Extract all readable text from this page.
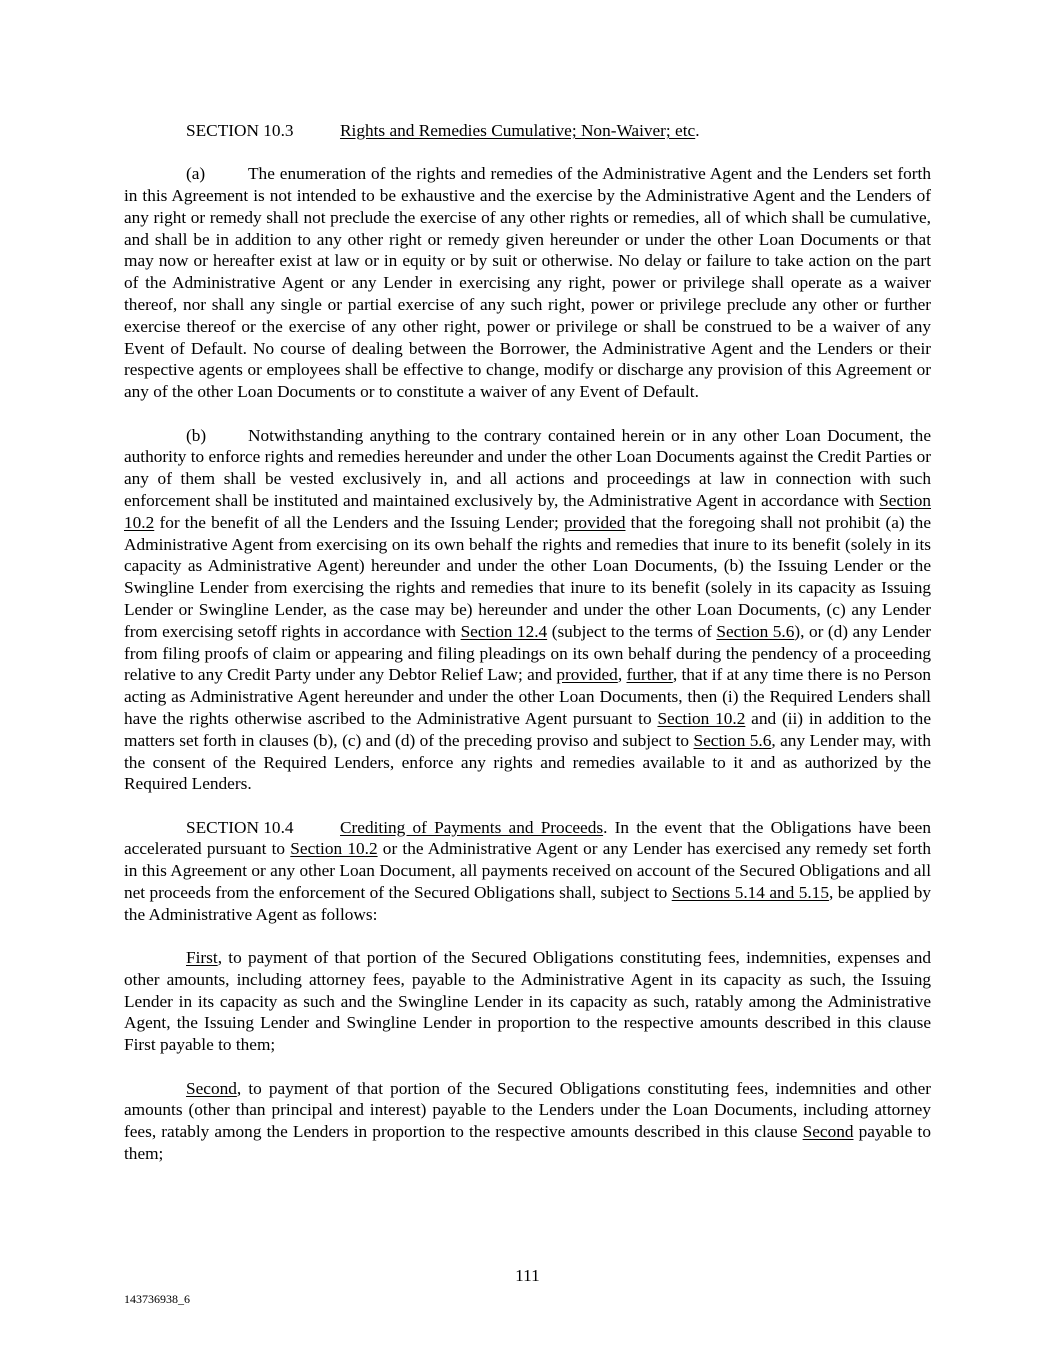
SECTION 10.3	Rights and Remedies Cumulative; Non-Waiver; etc.

(a) The enumeration of the rights and remedies of the Administrative Agent and the Lenders set forth in this Agreement is not intended to be exhaustive and the exercise by the Administrative Agent and the Lenders of any right or remedy shall not preclude the exercise of any other rights or remedies, all of which shall be cumulative, and shall be in addition to any other right or remedy given hereunder or under the other Loan Documents or that may now or hereafter exist at law or in equity or by suit or otherwise. No delay or failure to take action on the part of the Administrative Agent or any Lender in exercising any right, power or privilege shall operate as a waiver thereof, nor shall any single or partial exercise of any such right, power or privilege preclude any other or further exercise thereof or the exercise of any other right, power or privilege or shall be construed to be a waiver of any Event of Default. No course of dealing between the Borrower, the Administrative Agent and the Lenders or their respective agents or employees shall be effective to change, modify or discharge any provision of this Agreement or any of the other Loan Documents or to constitute a waiver of any Event of Default.

(b) Notwithstanding anything to the contrary contained herein or in any other Loan Document, the authority to enforce rights and remedies hereunder and under the other Loan Documents against the Credit Parties or any of them shall be vested exclusively in, and all actions and proceedings at law in connection with such enforcement shall be instituted and maintained exclusively by, the Administrative Agent in accordance with Section 10.2 for the benefit of all the Lenders and the Issuing Lender; provided that the foregoing shall not prohibit (a) the Administrative Agent from exercising on its own behalf the rights and remedies that inure to its benefit (solely in its capacity as Administrative Agent) hereunder and under the other Loan Documents, (b) the Issuing Lender or the Swingline Lender from exercising the rights and remedies that inure to its benefit (solely in its capacity as Issuing Lender or Swingline Lender, as the case may be) hereunder and under the other Loan Documents, (c) any Lender from exercising setoff rights in accordance with Section 12.4 (subject to the terms of Section 5.6), or (d) any Lender from filing proofs of claim or appearing and filing pleadings on its own behalf during the pendency of a proceeding relative to any Credit Party under any Debtor Relief Law; and provided, further, that if at any time there is no Person acting as Administrative Agent hereunder and under the other Loan Documents, then (i) the Required Lenders shall have the rights otherwise ascribed to the Administrative Agent pursuant to Section 10.2 and (ii) in addition to the matters set forth in clauses (b), (c) and (d) of the preceding proviso and subject to Section 5.6, any Lender may, with the consent of the Required Lenders, enforce any rights and remedies available to it and as authorized by the Required Lenders.

SECTION 10.4	Crediting of Payments and Proceeds. In the event that the Obligations have been accelerated pursuant to Section 10.2 or the Administrative Agent or any Lender has exercised any remedy set forth in this Agreement or any other Loan Document, all payments received on account of the Secured Obligations and all net proceeds from the enforcement of the Secured Obligations shall, subject to Sections 5.14 and 5.15, be applied by the Administrative Agent as follows:

First, to payment of that portion of the Secured Obligations constituting fees, indemnities, expenses and other amounts, including attorney fees, payable to the Administrative Agent in its capacity as such, the Issuing Lender in its capacity as such and the Swingline Lender in its capacity as such, ratably among the Administrative Agent, the Issuing Lender and Swingline Lender in proportion to the respective amounts described in this clause First payable to them;

Second, to payment of that portion of the Secured Obligations constituting fees, indemnities and other amounts (other than principal and interest) payable to the Lenders under the Loan Documents, including attorney fees, ratably among the Lenders in proportion to the respective amounts described in this clause Second payable to them;

111
143736938_6
